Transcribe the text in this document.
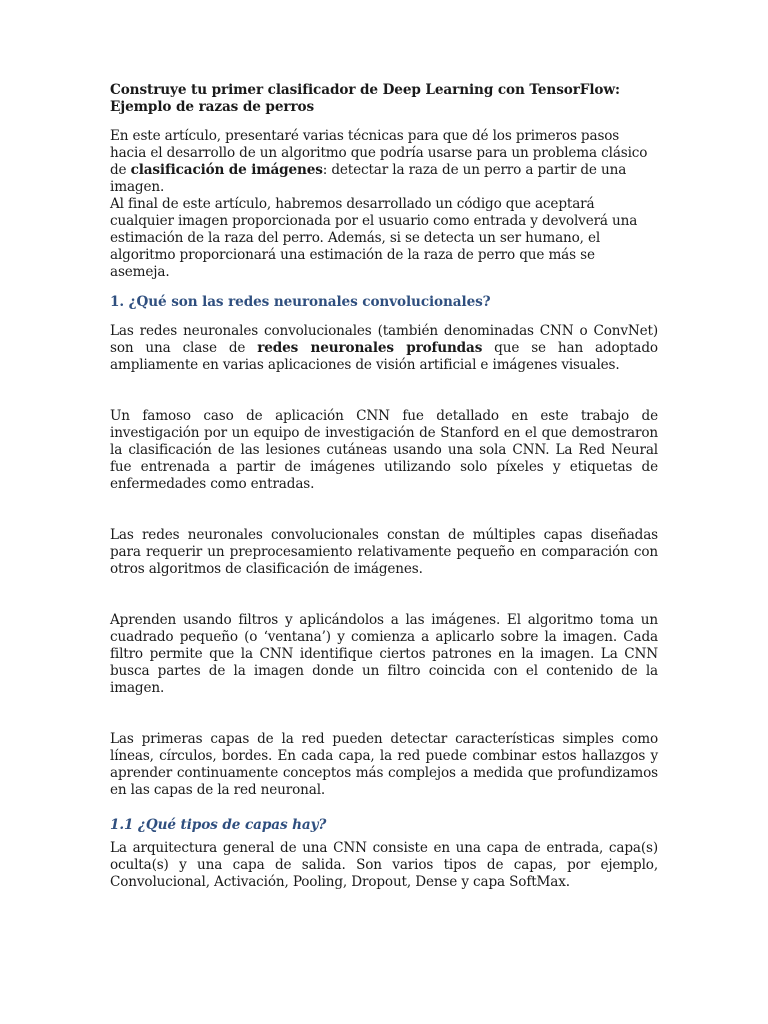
Construye tu primer clasificador de Deep Learning con TensorFlow:
Ejemplo de razas de perros

En este artículo, presentaré varias técnicas para que dé los primeros pasos hacia el desarrollo de un algoritmo que podría usarse para un problema clásico de clasificación de imágenes: detectar la raza de un perro a partir de una imagen.

Al final de este artículo, habremos desarrollado un código que aceptará cualquier imagen proporcionada por el usuario como entrada y devolverá una estimación de la raza del perro. Además, si se detecta un ser humano, el algoritmo proporcionará una estimación de la raza de perro que más se asemeja.

1. ¿Qué son las redes neuronales convolucionales?

Las redes neuronales convolucionales (también denominadas CNN o ConvNet) son una clase de redes neuronales profundas que se han adoptado ampliamente en varias aplicaciones de visión artificial e imágenes visuales.

Un famoso caso de aplicación CNN fue detallado en este trabajo de investigación por un equipo de investigación de Stanford en el que demostraron la clasificación de las lesiones cutáneas usando una sola CNN. La Red Neural fue entrenada a partir de imágenes utilizando solo píxeles y etiquetas de enfermedades como entradas.

Las redes neuronales convolucionales constan de múltiples capas diseñadas para requerir un preprocesamiento relativamente pequeño en comparación con otros algoritmos de clasificación de imágenes.

Aprenden usando filtros y aplicándolos a las imágenes. El algoritmo toma un cuadrado pequeño (o ‘ventana’) y comienza a aplicarlo sobre la imagen. Cada filtro permite que la CNN identifique ciertos patrones en la imagen. La CNN busca partes de la imagen donde un filtro coincida con el contenido de la imagen.

Las primeras capas de la red pueden detectar características simples como líneas, círculos, bordes. En cada capa, la red puede combinar estos hallazgos y aprender continuamente conceptos más complejos a medida que profundizamos en las capas de la red neuronal.

1.1 ¿Qué tipos de capas hay?

La arquitectura general de una CNN consiste en una capa de entrada, capa(s) oculta(s) y una capa de salida. Son varios tipos de capas, por ejemplo, Convolucional, Activación, Pooling, Dropout, Dense y capa SoftMax.
